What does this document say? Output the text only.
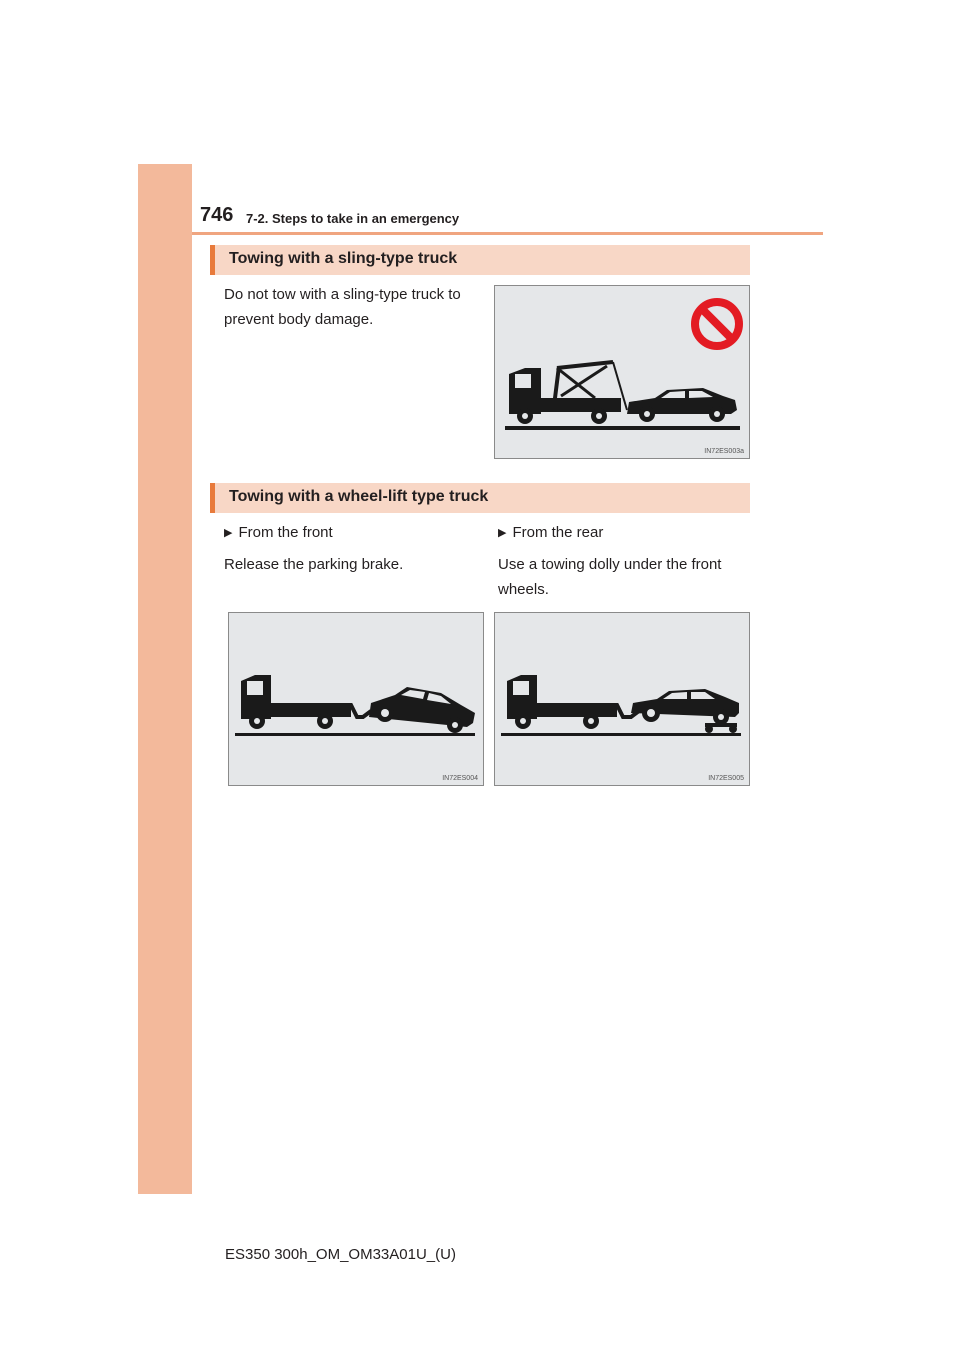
746 7-2. Steps to take in an emergency
Towing with a sling-type truck
Do not tow with a sling-type truck to
prevent body damage.
IN72ES003a
Towing with a wheel-lift type truck
▶ From the front
Release the parking brake.
▶ From the rear
Use a towing dolly under the front
wheels.
IN72ES004	IN72ES005
ES350 300h_OM_OM33A01U_(U)
